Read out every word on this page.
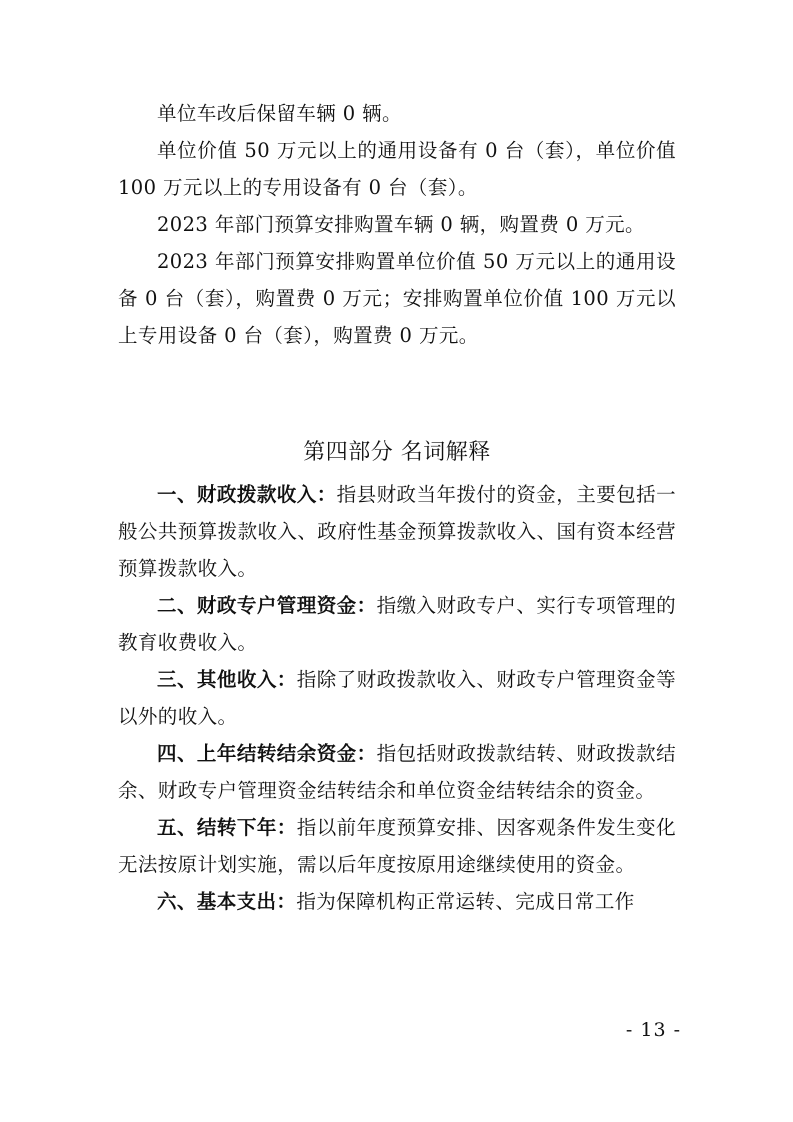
单位车改后保留车辆 0 辆。

单位价值 50 万元以上的通用设备有 0 台（套），单位价值 100 万元以上的专用设备有 0 台（套）。

2023 年部门预算安排购置车辆 0 辆，购置费 0 万元。

2023 年部门预算安排购置单位价值 50 万元以上的通用设备 0 台（套），购置费 0 万元；安排购置单位价值 100 万元以上专用设备 0 台（套），购置费 0 万元。

第四部分 名词解释

一、财政拨款收入：指县财政当年拨付的资金，主要包括一般公共预算拨款收入、政府性基金预算拨款收入、国有资本经营预算拨款收入。

二、财政专户管理资金：指缴入财政专户、实行专项管理的教育收费收入。

三、其他收入：指除了财政拨款收入、财政专户管理资金等以外的收入。

四、上年结转结余资金：指包括财政拨款结转、财政拨款结余、财政专户管理资金结转结余和单位资金结转结余的资金。

五、结转下年：指以前年度预算安排、因客观条件发生变化无法按原计划实施，需以后年度按原用途继续使用的资金。

六、基本支出：指为保障机构正常运转、完成日常工作

- 13 -
